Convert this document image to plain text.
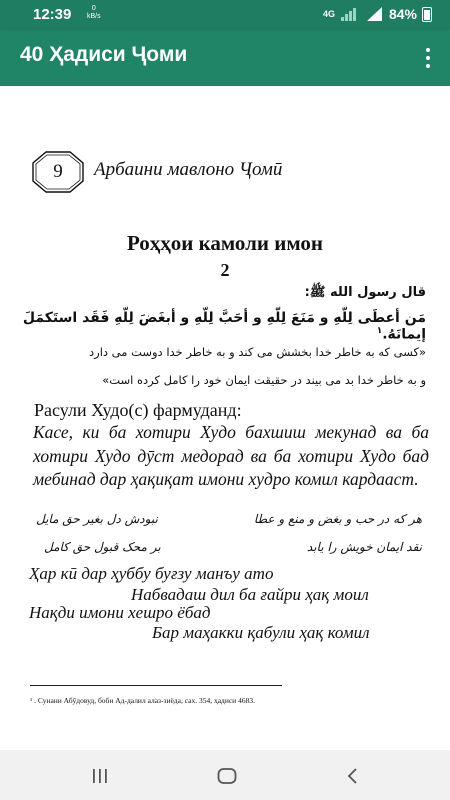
12:39	0
kB/s	4G	84%
40 Ҳадиси Ҷоми
9	Арбаини мавлоно Ҷомӣ
Роҳҳои камоли имон
2
قال رسول الله ﷺ:
مَن أعطَى لِلّهِ و مَنَعَ لِلّهِ و أحَبَّ لِلّهِ و أبغَضَ لِلّهِ فَقَد استَكمَلَ إيمانَهُ.$^١$
«کسی که به خاطر خدا بخشش می کند و به خاطر خدا دوست می دارد
و به خاطر خدا بد می بیند در حقیقت ایمان خود را کامل کرده است»
Расули Худо(с) фармуданд:
Касе, ки ба хотири Худо бахшиш мекунад ва ба хотири Худо дӯст медорад ва ба хотири Худо бад мебинад дар ҳақиқат имони худро комил кардааст.
هر كه در حب و بغض و منع و عطا
نبودش دل بغير حق مايل
نقد ايمان خويش را يابد
بر محک قبول حق كامل
Ҳар кӣ дар ҳуббу буғзу манъу ато
Набвадаш дил ба ғайри ҳақ моил
Нақди имони хешро ёбад
Бар маҳакки қабули ҳақ комил
¹ . Сунани Абӯдовуд, боби Ад-далил алаз-зиёда, сах. 354, ҳадиси 4683.
